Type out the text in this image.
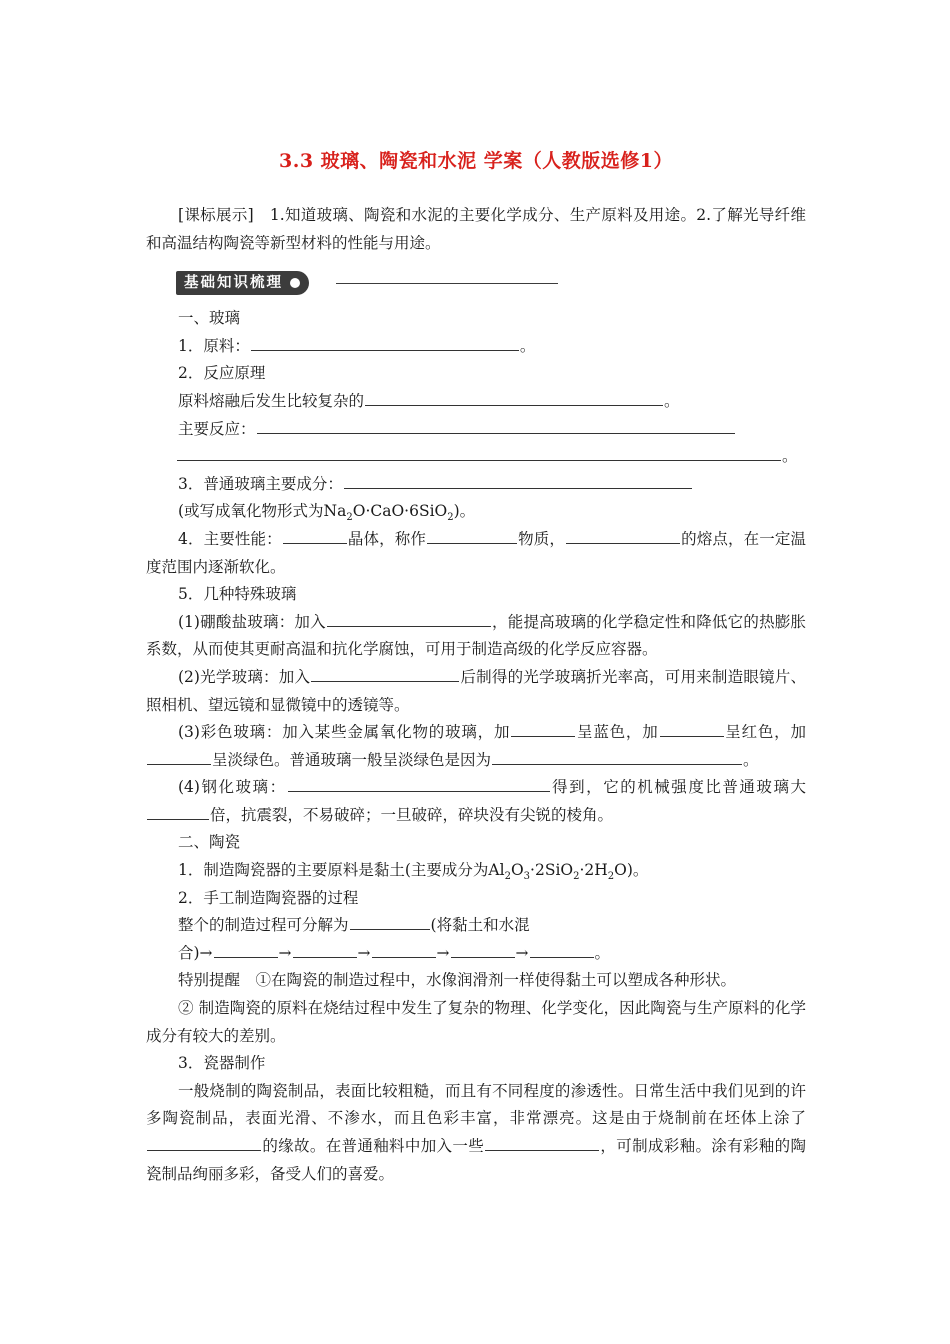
3.3 玻璃、陶瓷和水泥 学案（人教版选修1）

[课标展示]　 1.知道玻璃、陶瓷和水泥的主要化学成分、生产原料及用途。2.了解光导纤维和高温结构陶瓷等新型材料的性能与用途。

基础知识梳理

一、玻璃

1．原料：	。

2．反应原理

原料熔融后发生比较复杂的	。

主要反应：

。

3．普通玻璃主要成分：

(或写成氧化物形式为$Na_2O\cdot CaO\cdot 6SiO_2$)。

4．主要性能：	晶体，称作	物质，	的熔点，在一定温度范围内逐渐软化。

5．几种特殊玻璃

(1)硼酸盐玻璃：加入	，能提高玻璃的化学稳定性和降低它的热膨胀系数，从而使其更耐高温和抗化学腐蚀，可用于制造高级的化学反应容器。

(2)光学玻璃：加入	后制得的光学玻璃折光率高，可用来制造眼镜片、照相机、望远镜和显微镜中的透镜等。

(3)彩色玻璃：加入某些金属氧化物的玻璃，加	呈蓝色，加	呈红色，加呈淡绿色。普通玻璃一般呈淡绿色是因为	。

(4)钢化玻璃：	得到，它的机械强度比普通玻璃大倍，抗震裂，不易破碎；一旦破碎，碎块没有尖锐的棱角。

二、陶瓷

1．制造陶瓷器的主要原料是黏土(主要成分为$Al_2O_3\cdot 2SiO_2\cdot 2H_2O$)。

2．手工制造陶瓷器的过程

整个的制造过程可分解为	(将黏土和水混

合)→	→	→	→	→	。

特别提醒　 ①在陶瓷的制造过程中，水像润滑剂一样使得黏土可以塑成各种形状。

② 制造陶瓷的原料在烧结过程中发生了复杂的物理、化学变化，因此陶瓷与生产原料的化学成分有较大的差别。

3．瓷器制作

一般烧制的陶瓷制品，表面比较粗糙，而且有不同程度的渗透性。日常生活中我们见到的许多陶瓷制品，表面光滑、不渗水，而且色彩丰富，非常漂亮。这是由于烧制前在坯体上涂了的缘故。在普通釉料中加入一些	，可制成彩釉。涂有彩釉的陶瓷制品绚丽多彩，备受人们的喜爱。
